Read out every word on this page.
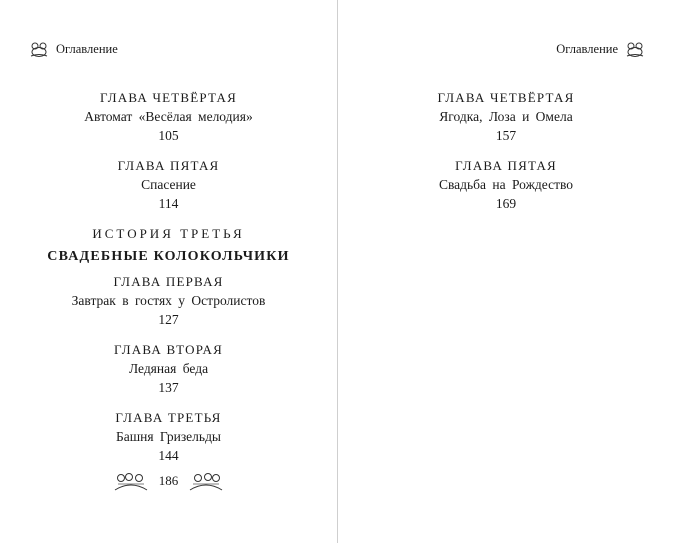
Оглавление
ГЛАВА ЧЕТВЁРТАЯ
Автомат «Весёлая мелодия»
105
ГЛАВА ПЯТАЯ
Спасение
114
ИСТОРИЯ ТРЕТЬЯ
СВАДЕБНЫЕ КОЛОКОЛЬЧИКИ
ГЛАВА ПЕРВАЯ
Завтрак в гостях у Остролистов
127
ГЛАВА ВТОРАЯ
Ледяная беда
137
ГЛАВА ТРЕТЬЯ
Башня Гризельды
144
186
Оглавление
ГЛАВА ЧЕТВЁРТАЯ
Ягодка, Лоза и Омела
157
ГЛАВА ПЯТАЯ
Свадьба на Рождество
169
